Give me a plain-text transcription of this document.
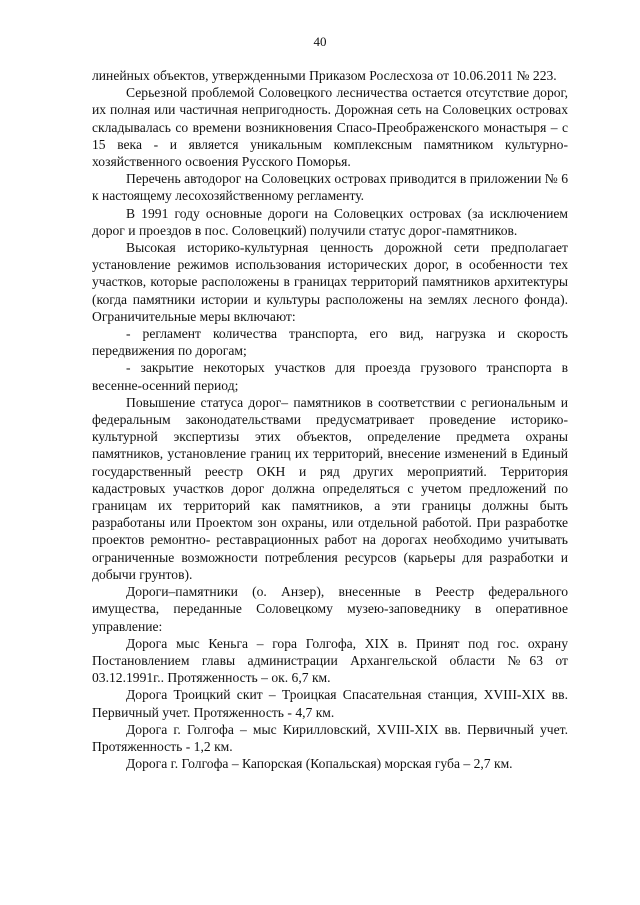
40

линейных объектов, утвержденными Приказом Рослесхоза от 10.06.2011 № 223.

Серьезной проблемой Соловецкого лесничества остается отсутствие дорог, их полная или частичная непригодность. Дорожная сеть на Соловецких островах складывалась со времени возникновения Спасо-Преображенского монастыря – с 15 века - и является уникальным комплексным памятником культурно-хозяйственного освоения Русского Поморья.

Перечень автодорог на Соловецких островах приводится в приложении № 6 к настоящему лесохозяйственному регламенту.

В 1991 году основные дороги на Соловецких островах (за исключением дорог и проездов в пос. Соловецкий) получили статус дорог-памятников.

Высокая историко-культурная ценность дорожной сети предполагает установление режимов использования исторических дорог, в особенности тех участков, которые расположены в границах территорий памятников архитектуры (когда памятники истории и культуры расположены на землях лесного фонда). Ограничительные меры включают:

- регламент количества транспорта, его вид, нагрузка и скорость передвижения по дорогам;

- закрытие некоторых участков для проезда грузового транспорта в весенне-осенний период;

Повышение статуса дорог– памятников в соответствии с региональным и федеральным законодательствами предусматривает проведение историко-культурной экспертизы этих объектов, определение предмета охраны памятников, установление границ их территорий, внесение изменений в Единый государственный реестр ОКН и ряд других мероприятий. Территория кадастровых участков дорог должна определяться с учетом предложений по границам их территорий как памятников, а эти границы должны быть разработаны или Проектом зон охраны, или отдельной работой. При разработке проектов ремонтно- реставрационных работ на дорогах необходимо учитывать ограниченные возможности потребления ресурсов (карьеры для разработки и добычи грунтов).

Дороги–памятники (о. Анзер), внесенные в Реестр федерального имущества, переданные Соловецкому музею-заповеднику в оперативное управление:

Дорога мыс Кеньга – гора Голгофа, XIX в. Принят под гос. охрану Постановлением главы администрации Архангельской области №63 от 03.12.1991г.. Протяженность – ок. 6,7 км.

Дорога Троицкий скит – Троицкая Спасательная станция, XVIII-XIX вв. Первичный учет. Протяженность - 4,7 км.

Дорога г. Голгофа – мыс Кирилловский, XVIII-XIX вв. Первичный учет. Протяженность - 1,2 км.

Дорога г. Голгофа – Капорская (Копальская) морская губа – 2,7 км.
